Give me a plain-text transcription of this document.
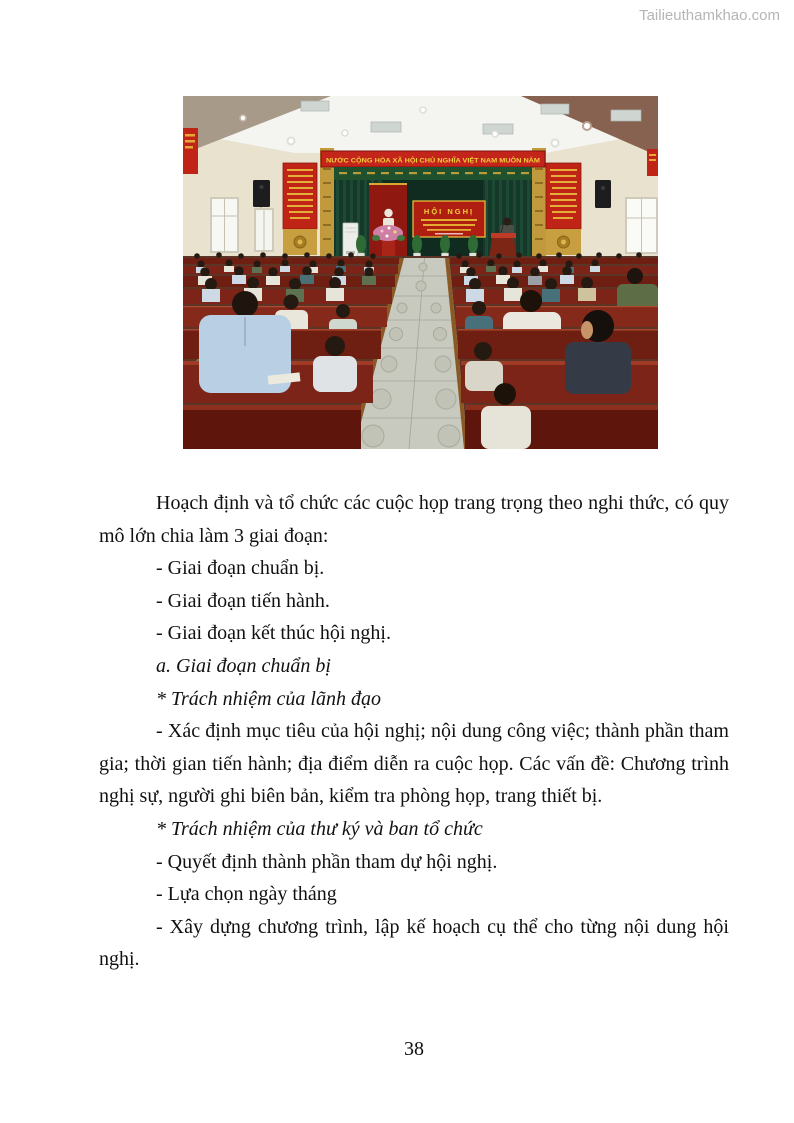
Tailieuthamkhao.com
NƯỚC CỘNG HÒA XÃ HỘI CHỦ NGHĨA VIỆT NAM MUÔN NĂM
HỘI NGHỊ

Hoạch định và tổ chức các cuộc họp trang trọng theo nghi thức, có quy mô lớn chia làm 3 giai đoạn:

- Giai đoạn chuẩn bị.

- Giai đoạn tiến hành.

- Giai đoạn kết thúc hội nghị.

a. Giai đoạn chuẩn bị

* Trách nhiệm của lãnh đạo

- Xác định mục tiêu của hội nghị; nội dung công việc; thành phần tham gia; thời gian tiến hành; địa điểm diễn ra cuộc họp. Các vấn đề: Chương trình nghị sự, người ghi biên bản, kiểm tra phòng họp, trang thiết bị.

* Trách nhiệm của thư ký và ban tổ chức

- Quyết định thành phần tham dự hội nghị.

- Lựa chọn ngày tháng

- Xây dựng chương trình, lập kế hoạch cụ thể cho từng nội dung hội nghị.

38
